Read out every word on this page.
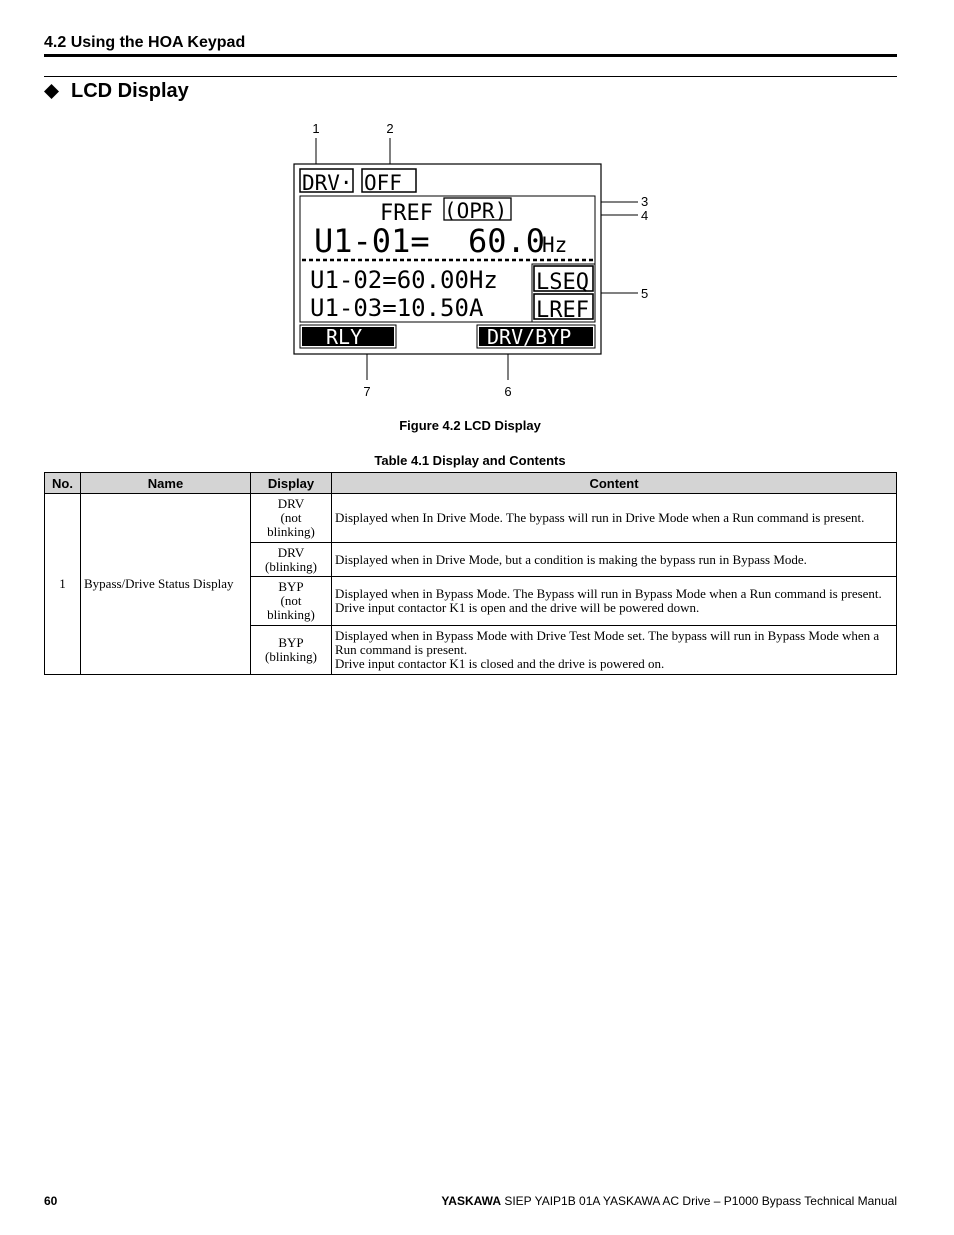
4.2 Using the HOA Keypad
LCD Display
1	2
3
4
5
6
7
DRV· OFF
FREF (OPR)
U1-01= 60.0
Hz
U1-02=60.00Hz
U1-03=10.50A
LSEQ
LREF
RLY	DRV/BYP
Figure 4.2 LCD Display
Table 4.1 Display and Contents
No.	Name	Display	Content
1	Bypass/Drive Status Display	DRV
(not
blinking)	Displayed when In Drive Mode. The bypass will run in Drive Mode when a Run command is present.

		DRV
(blinking)	Displayed when in Drive Mode, but a condition is making the bypass run in Bypass Mode.

		BYP
(not
blinking)	Displayed when in Bypass Mode. The Bypass will run in Bypass Mode when a Run command is present.
Drive input contactor K1 is open and the drive will be powered down.

		BYP
(blinking)	Displayed when in Bypass Mode with Drive Test Mode set. The bypass will run in Bypass Mode when a Run command is present.
Drive input contactor K1 is closed and the drive is powered on.
60	YASKAWA SIEP YAIP1B 01A YASKAWA AC Drive – P1000 Bypass Technical Manual
